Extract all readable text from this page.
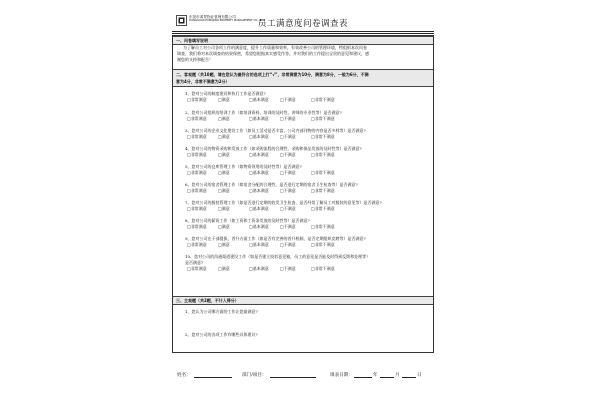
东莞市鸿景物业管理有限公司
DONGGUAN HONGJING PROPERTY MANAGEMENT CO.,LTD
员工满意度问卷调查表
一、问卷填写说明
为了解员工对公司各项工作的满意度，提升工作质量和效率，有效改善公司的管理环境，特组织本次问卷
调查，我们将对本次调查的结果保密，希望您根据真实感受作答。并对我们的工作提出宝贵的意见和建议，感
谢您的支持和配合！
二、客观题（共10题，请在您认为最符合的选项上打“√”，非常满意为10分，满意为8分，一般为6分，不满
意为4分，非常不满意为2分）
1、您对公司的制度建设和执行工作是否满意?
□非常满意	□满意	□基本满意	□不满意	□非常不满意
2、您对公司组织的培训工作（如培训资料、培训的及时性、讲师的专业性等）是否满意?
□非常满意	□满意	□基本满意	□不满意	□非常不满意
3、您对公司的企业文化建设工作（如员工活动是否丰富、公司内部刊物的内容是否多样等）是否满意?
□非常满意	□满意	□基本满意	□不满意	□非常不满意
4、您对公司的物资采购和发放工作（如采购流程的合理性，采购和保品发放的及时性等）是否满意?
□非常满意	□满意	□基本满意	□不满意	□非常不满意
5、您对公司的仓库管理工作（如物资领用的及时性等）是否满意?
□非常满意	□满意	□基本满意	□不满意	□非常不满意
6、您对公司的宿舍管理工作（如宿舍分配的合理性，是否进行定期的宿舍卫生检查等）是否满意?
□非常满意	□满意	□基本满意	□不满意	□非常不满意
7、您对公司的服装管理工作（如是否进行定期的收发卫生检查，是否经常了解员工对服装的意见等）是否满意?
□非常满意	□满意	□基本满意	□不满意	□非常不满意
8、您对公司的薪资工作（如工资和工资条发放的及时性等）是否满意?
□非常满意	□满意	□基本满意	□不满意	□非常不满意
9、您对公司在干部提拔，晋升方面工作（如是否有完善的晋升机制，是否定期组织竞聘等）是否满意?
□非常满意	□满意	□基本满意	□不满意	□非常不满意
10、您对公司的沟通渠道建设工作（如是否建立投诉意见箱，员工的意见是否能及时得到反馈和处理等）
是否满意?
□非常满意	□满意	□基本满意	□不满意	□非常不满意
三、主观题（共2题，不计入得分）
1、您认为公司哪方面的工作让您最满意?
2、您对公司的各项工作有哪些具体建议?
姓名：	部门/项目：	填表日期：	年	月	日
